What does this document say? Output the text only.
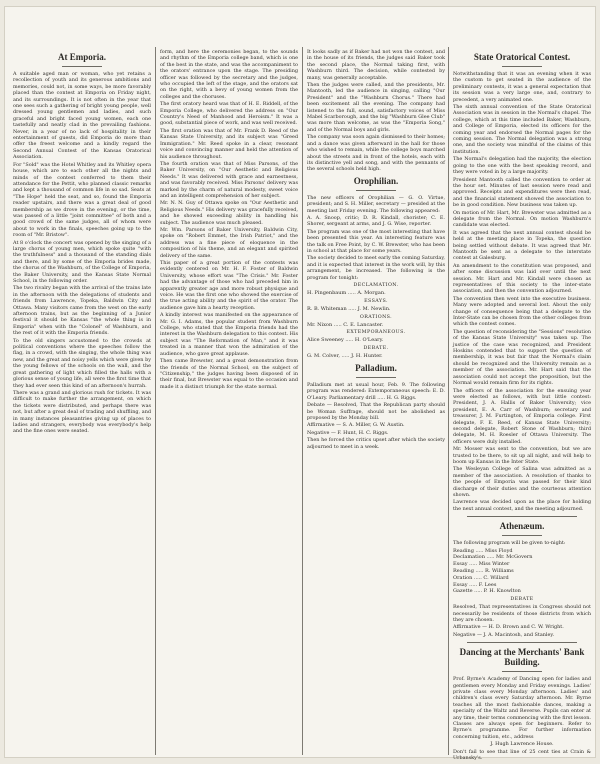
At Emporia.

A suitable aged man or woman, who yet retains a recollection of youth and its generous ambitions and memories, could not, in some ways, be more favorably placed than the contest at Emporia on Friday night, and its surroundings. It is not often in the year that one sees such a gathering of bright young people, well dressed young gentlemen and ladies, and such graceful and bright faced young women, each one tastefully and neatly clad in the prevailing fashions. Never, in a year of no lack of hospitality in their entertainment of guests, did Emporia do more than offer the freest welcome and a kindly regard the Second Annual Contest of the Kansas Oratorical Association.

For "Sold" was the Hotel Whitley and its Whitley opera house, which are to each other all the nights and minds of the contest conferred to them their attendance for the Pettit, who planned classic remarks and kept a thousand of common life in so sad. Seats at "The Hope" held the seat, and so, found the Emporia reader upstairs, and there was a great deal of good membership as we drove in the evening, or the time, was passed of a little "joint committee" of both and a good crowd of the same judges, all of whom were about to work in the finals, speeches going up to the room of "Mr. Bristow".

At 8 o'clock the concert was opened by the singing of a large chorus of young men, which spoke quite "with the truthfulness" and a thousand of the standing dials and there, and by some of the Emporia brides made, the chorus of the Washburn, of the College of Emporia, the Baker University, and the Kansas State Normal School, in the following order.

The two rivalry began with the arrival of the trains late in the afternoon with the delegations of students and friends from Lawrence, Topeka, Baldwin City and Ottawa. Many visitors came from the west on the early afternoon trains, but as the beginning of a Junior festival it should be Kansas "the whole thing is in Emporia" when with the "Colonel" of Washburn, and the rest of it with the Emporia friends.

To the old singers accustomed to the crowds at political conventions where the speeches follow the flag, in a crowd, with the singing, the whole thing was new, and the great and noisy yells which were given by the young fellows of the schools on the wall, and the great gathering of light which filled the halls with a glorious sense of young life, all were the first time that they had ever seen this kind of an afternoon's hurrah.

There was a grand and glorious rush for tickets. It was difficult to make further the arrangement, on which the tickets were distributed, and perhaps there was not, but after a great deal of trading and shuffling, and in many instances pleasantries giving up of places to ladies and strangers, everybody was everybody's help and the fine ones were seated.

form, and here the ceremonies began, to the sounds and rhythm of the Emporia college band, which is one of the best in the state, and was the accompaniment to the orators' entrance upon the stage. The presiding officer was followed by the secretary and the judges, who occupied the left of the stage, and the orators sat on the right, with a bevy of young women from the colleges and the choruses.

The first oratory heard was that of H. E. Riddell, of the Emporia College, who delivered the address on "Our Country's Need of Manhood and Heroism." It was a good, substantial piece of work, and was well received.

The first oration was that of Mr. Frank D. Reed of the Kansas State University, and its subject was "Greed Immigration." Mr. Reed spoke in a clear, resonant voice and convincing manner and held the attention of his audience throughout.

The fourth oration was that of Miss Parsons, of the Baker University, on "Our Aesthetic and Religious Needs." It was delivered with grace and earnestness, and was favorably received. Miss Parsons' delivery was marked by the charm of natural modesty, sweet voice and an intelligent comprehension of her subject.

Mr. N. N. Guy of Ottawa spoke on "Our Aesthetic and Religious Needs." His delivery was gracefully received, and he showed exceeding ability in handling his subject. The audience was much pleased.

Mr. Wm. Parsons of Baker University, Baldwin City, spoke on "Robert Emmet, the Irish Patriot," and the address was a fine piece of eloquence in the composition of his theme, and an elegant and spirited delivery of the same.

This paper of a great portion of the contests was evidently centered on Mr. H. F. Foster of Baldwin University, whose effort was "The Crisis." Mr. Foster had the advantage of those who had preceded him in apparently greater age and more robust physique and voice. He was the first one who showed the exercise of the true acting ability and the spirit of the orator. The audience gave him a hearty reception.

A kindly interest was manifested on the appearance of Mr. G. I. Adams, the popular student from Washburn College, who stated that the Emporia friends had the interest in the Washburn delegation to this contest. His subject was "The Reformation of Man," and it was treated in a manner that won the admiration of the audience, who gave great applause.

Then came Brewster, and a great demonstration from the friends of the Normal School, on the subject of "Citizenship," the judges having been disposed of in their final, but Brewster was equal to the occasion and made it a distinct triumph for the state normal.

It looks sadly as if Baker had not won the contest, and in the house of its friends, the judges said Baker took the second place, the Normal taking first, with Washburn third. The decision, while contested by many, was generally acceptable.

Then the judges were called, and the presidents, Mr. Mantooth, led the audience in singing, calling "Our President" and the "Washburn Chorus." There had been excitement all the evening. The company had listened to the full, sound, satisfactory voices of Miss Mabel Scarborough, and the big "Washburn Glee Club" was more than welcome, as was the "Emporia Song," and of the Normal boys and girls.

The company was soon again dismissed to their homes; and a dance was given afterward in the hall for those who wished to remain, while the college boys marched about the streets and in front of the hotels, each with its distinctive yell and song, and with the pennants of the several schools held high.

Orophilian.

The new officers of Orophilian — G. O. Virtue, president; and S. H. Miller, secretary — presided at the meeting last Friday evening. The following appeared:

A. A. Snoop, critic; D. R. Kindall, chorister; C. E. Shorer, sergeant at arms, and J. G. Wise, reporter.

The program was one of the most interesting that have been presented this year. An interesting feature was the talk on Free Point, by C. W. Brewster, who has been in school at that place for some years.

The society decided to meet early the coming Saturday, and it is expected that interest in the work will, by this arrangement, be increased. The following is the program for tonight:

DECLAMATION.
H. Pingenbaum ..... A. Morgan.
ESSAYS.
R. B. Whiteman ..... J. M. Newlin.
ORATIONS.
Mr. Nixon ..... C. E. Lancaster.
EXTEMPORANEOUS.
Alice Sweeney ..... H. O'Leary.
DEBATE.
G. M. Colver, ..... J. H. Hunter.
Palladium.

Palladium met at usual hour, Feb. 9. The following program was rendered: Extemporaneous speech: E. D. O'Leary. Parliamentary drill ..... H. G. Riggs.

Debate — Resolved, That the Republican party should be Woman Suffrage, should not be abolished as proposed by the Monday bill.

Affirmative — S. A. Miller, G. W. Austin.

Negative — F. Hunt, H. C. Riggs.

Then he forced the critics upset after which the society adjourned to meet in a week.

State Oratorical Contest.

Notwithstanding that it was an evening when it was the custom to get seated in the audience of the preliminary contests, it was a general expectation that its session was a very large one, and, contrary to precedent, a very animated one.

The sixth annual convention of the State Oratorical Association was in session in the Normal's chapel. The college, which at this time included Baker, Washburn, and College of Emporia, elected its officers for the coming year and endorsed the Normal pages for the coming session. The Normal delegation was a strong one, and the society was mindful of the claims of this institution.

The Normal's delegation had the majority, the election going to the one with the best speaking record, and they were voted in by a large majority.

President Mantooth called the convention to order at the hour set. Minutes of last session were read and approved. Receipts and expenditures were then read, and the financial statement showed the association to be in good condition. New business was taken up.

On motion of Mr. Hart, Mr. Brewster was admitted as a delegate from the Normal. On motion Washburn's candidate was elected.

It was agreed that the next annual contest should be held at the meeting place in Topeka, the question being settled without debate. It was agreed that Mr. Mantooth be sent as a delegate to the interstate contest at Galesburg.

An amendment to the constitution was proposed, and after some discussion was laid over until the next session. Mr. Hart and Mr. Kindall were chosen as representatives of this society to the inter-state association, and then the convention adjourned.

The convention then went into the executive business. Many were adopted and several lost. About the only change of consequence being that a delegate to the Inter-State can be chosen from the other colleges from which the contest comes.

The question of reconsidering the "Sessions" resolution of the Kansas State University" was taken up. The justice of the case was recognized, and President Hoskins contended that to support the question of membership, it was but fair that the Normal's claim should be recognized and the University remain as a member of the association. Mr. Hart said that the association could not accept the proposition, but the Normal would remain firm for its rights.

The officers of the association for the ensuing year were elected as follows, with but little contest: President, J. A. Hallis of Baker University; vice president, E. A. Carr of Washburn; secretary and treasurer, J. M. Furtington, of Emporia college. First delegate, F. E. Reed, of Kansas State University; second delegate, Robert Stone of Washburn; third delegate, M. H. Roesler of Ottawa University. The officers were duly installed.

Mr. Mosser was sent to the convention, but we are trusted to be there, to sit up all night, and will help to boom up Kansas in the Inter State.

The Wesleyan College of Salina was admitted as a member of the association. A resolution of thanks to the people of Emporia was passed for their kind discharge of their duties and the courteous attention shown.

Lawrence was decided upon as the place for holding the next annual contest, and the meeting adjourned.

Athenæum.

The following program will be given to-night:

Reading ..... Miss Floyd
Declamation ..... Mr. McGovern
Essay ..... Miss Winter
Reading ..... R. Williams
Oration ..... C. Willard
Essay ..... F. Lees
Gazette ..... P. H. Knowlton
DEBATE

Resolved, That representatives in Congress should not necessarily be residents of those districts from which they are chosen.

Affirmative — H. D. Brown and C. W. Wright.

Negative — J. A. Macintosh, and Stanley.

Dancing at the Merchants' Bank Building.

Prof. Byrne's Academy of Dancing open for ladies and gentlemen every Monday and Friday evenings. Ladies' private class every Monday afternoon. Ladies' and children's class every Saturday afternoon. Mr. Byrne teaches all the most fashionable dances, making a specialty of the Waltz and Reverse. Pupils can enter at any time, their terms commencing with the first lesson. Classes are always open for beginners. Refer to Byrne's programme. For further information concerning tuition, etc., address

J. Hugh Lawrence House.

Don't fail to see that line of 25 cent ties at Crain & Urbansky's.
